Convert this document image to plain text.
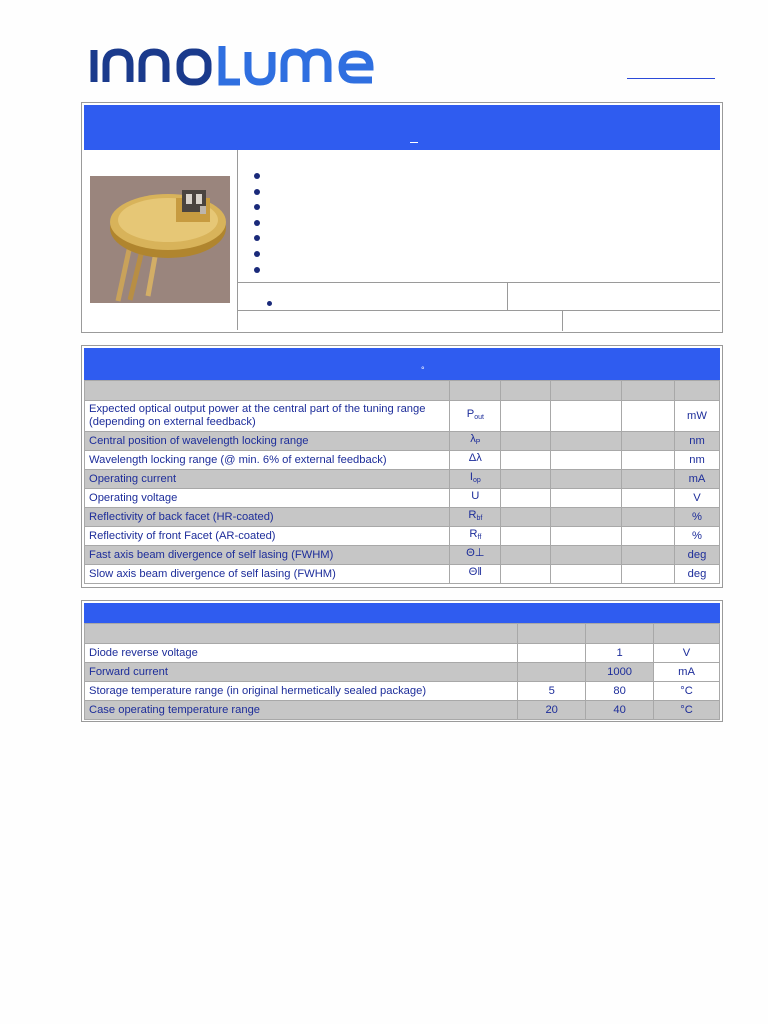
°

Expected optical output power at the central part of the tuning range (depending on external feedback)	$P_{out}$				mW
Central position of wavelength locking range	$\lambda_P$				nm
Wavelength locking range (@ min. 6% of external feedback)	Δλ				nm
Operating current	$I_{op}$				mA
Operating voltage	U				V
Reflectivity of back facet (HR-coated)	$R_{bf}$				%
Reflectivity of front Facet (AR-coated)	$R_{ff}$				%
Fast axis beam divergence of self lasing (FWHM)	Θ⊥				deg
Slow axis beam divergence of self lasing (FWHM)	Θ‖				deg

Diode reverse voltage		1	V
Forward current		1000	mA
Storage temperature range (in original hermetically sealed package)	5	80	°C
Case operating temperature range	20	40	°C
